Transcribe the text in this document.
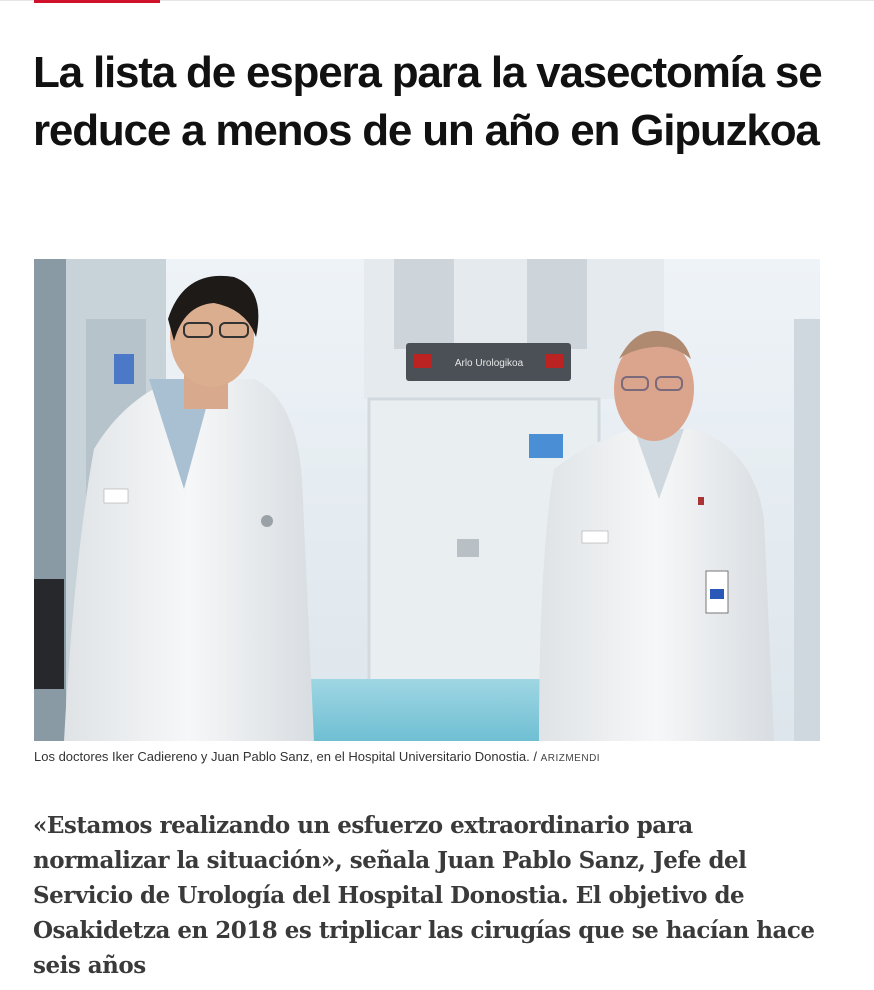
La lista de espera para la vasectomía se reduce a menos de un año en Gipuzkoa
Arlo Urologikoa
Los doctores Iker Cadiereno y Juan Pablo Sanz, en el Hospital Universitario Donostia. / ARIZMENDI

«Estamos realizando un esfuerzo extraordinario para normalizar la situación», señala Juan Pablo Sanz, Jefe del Servicio de Urología del Hospital Donostia. El objetivo de Osakidetza en 2018 es triplicar las cirugías que se hacían hace seis años
